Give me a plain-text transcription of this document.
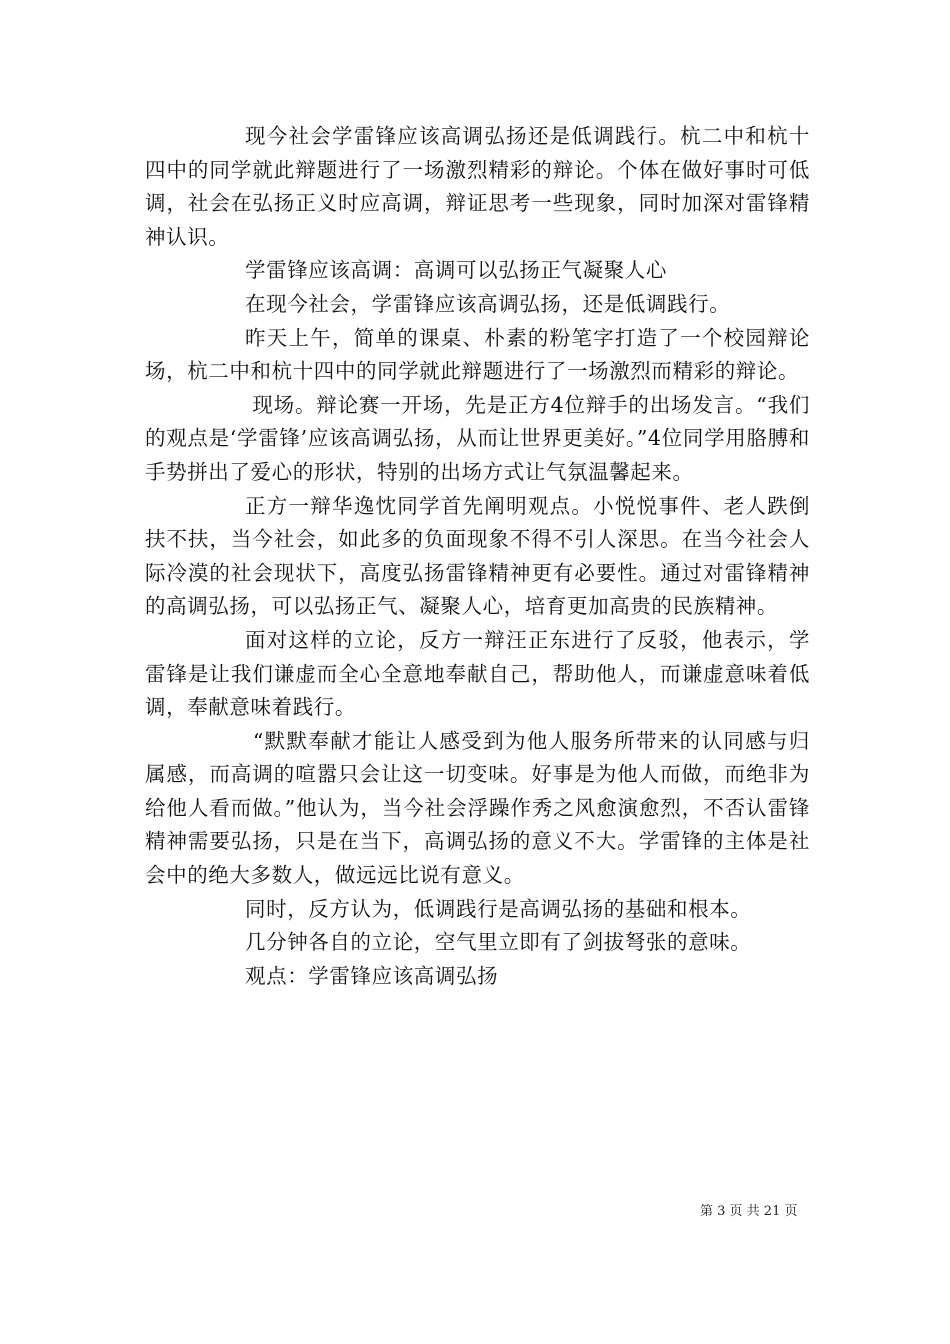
现今社会学雷锋应该高调弘扬还是低调践行。杭二中和杭十四中的同学就此辩题进行了一场激烈精彩的辩论。个体在做好事时可低调，社会在弘扬正义时应高调，辩证思考一些现象，同时加深对雷锋精神认识。

学雷锋应该高调：高调可以弘扬正气凝聚人心

在现今社会，学雷锋应该高调弘扬，还是低调践行。

昨天上午，简单的课桌、朴素的粉笔字打造了一个校园辩论场，杭二中和杭十四中的同学就此辩题进行了一场激烈而精彩的辩论。

现场。辩论赛一开场，先是正方4位辩手的出场发言。“我们的观点是‘学雷锋’应该高调弘扬，从而让世界更美好。”4位同学用胳膊和手势拼出了爱心的形状，特别的出场方式让气氛温馨起来。

正方一辩华逸忱同学首先阐明观点。小悦悦事件、老人跌倒扶不扶，当今社会，如此多的负面现象不得不引人深思。在当今社会人际冷漠的社会现状下，高度弘扬雷锋精神更有必要性。通过对雷锋精神的高调弘扬，可以弘扬正气、凝聚人心，培育更加高贵的民族精神。

面对这样的立论，反方一辩汪正东进行了反驳，他表示，学雷锋是让我们谦虚而全心全意地奉献自己，帮助他人，而谦虚意味着低调，奉献意味着践行。

“默默奉献才能让人感受到为他人服务所带来的认同感与归属感，而高调的喧嚣只会让这一切变味。好事是为他人而做，而绝非为给他人看而做。”他认为，当今社会浮躁作秀之风愈演愈烈，不否认雷锋精神需要弘扬，只是在当下，高调弘扬的意义不大。学雷锋的主体是社会中的绝大多数人，做远远比说有意义。

同时，反方认为，低调践行是高调弘扬的基础和根本。

几分钟各自的立论，空气里立即有了剑拔弩张的意味。

观点：学雷锋应该高调弘扬

第 3 页 共 21 页
